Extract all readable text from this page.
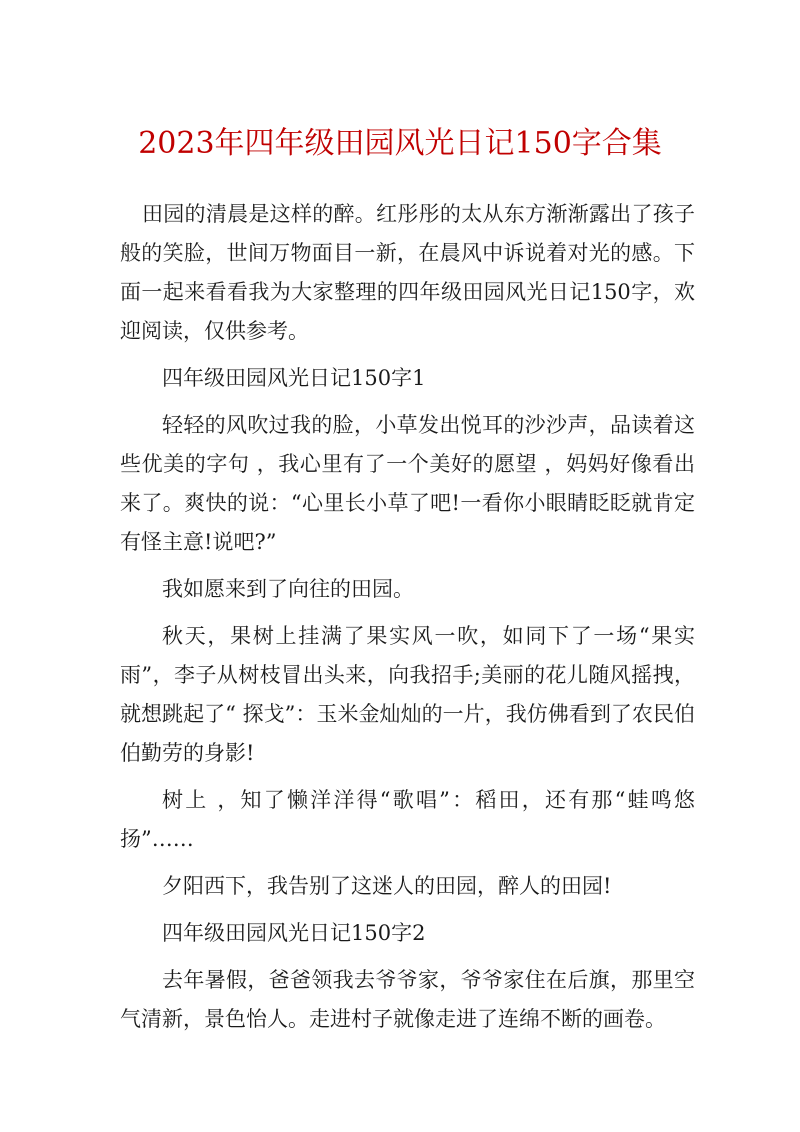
2023年四年级田园风光日记150字合集

田园的清晨是这样的醉。红彤彤的太从东方渐渐露出了孩子般的笑脸，世间万物面目一新，在晨风中诉说着对光的感。下面一起来看看我为大家整理的四年级田园风光日记150字，欢迎阅读，仅供参考。

四年级田园风光日记150字1

轻轻的风吹过我的脸，小草发出悦耳的沙沙声，品读着这些优美的字句 ，我心里有了一个美好的愿望 ，妈妈好像看出来了。爽快的说：“心里长小草了吧!一看你小眼睛眨眨就肯定有怪主意!说吧?”

我如愿来到了向往的田园。

秋天，果树上挂满了果实风一吹，如同下了一场“果实雨”，李子从树枝冒出头来，向我招手;美丽的花儿随风摇拽，就想跳起了“ 探戈”：玉米金灿灿的一片，我仿佛看到了农民伯伯勤劳的身影!

树上 ，知了懒洋洋得“歌唱”：稻田，还有那“蛙鸣悠扬”……

夕阳西下，我告别了这迷人的田园，醉人的田园!

四年级田园风光日记150字2

去年暑假，爸爸领我去爷爷家，爷爷家住在后旗，那里空气清新，景色怡人。走进村子就像走进了连绵不断的画卷。
